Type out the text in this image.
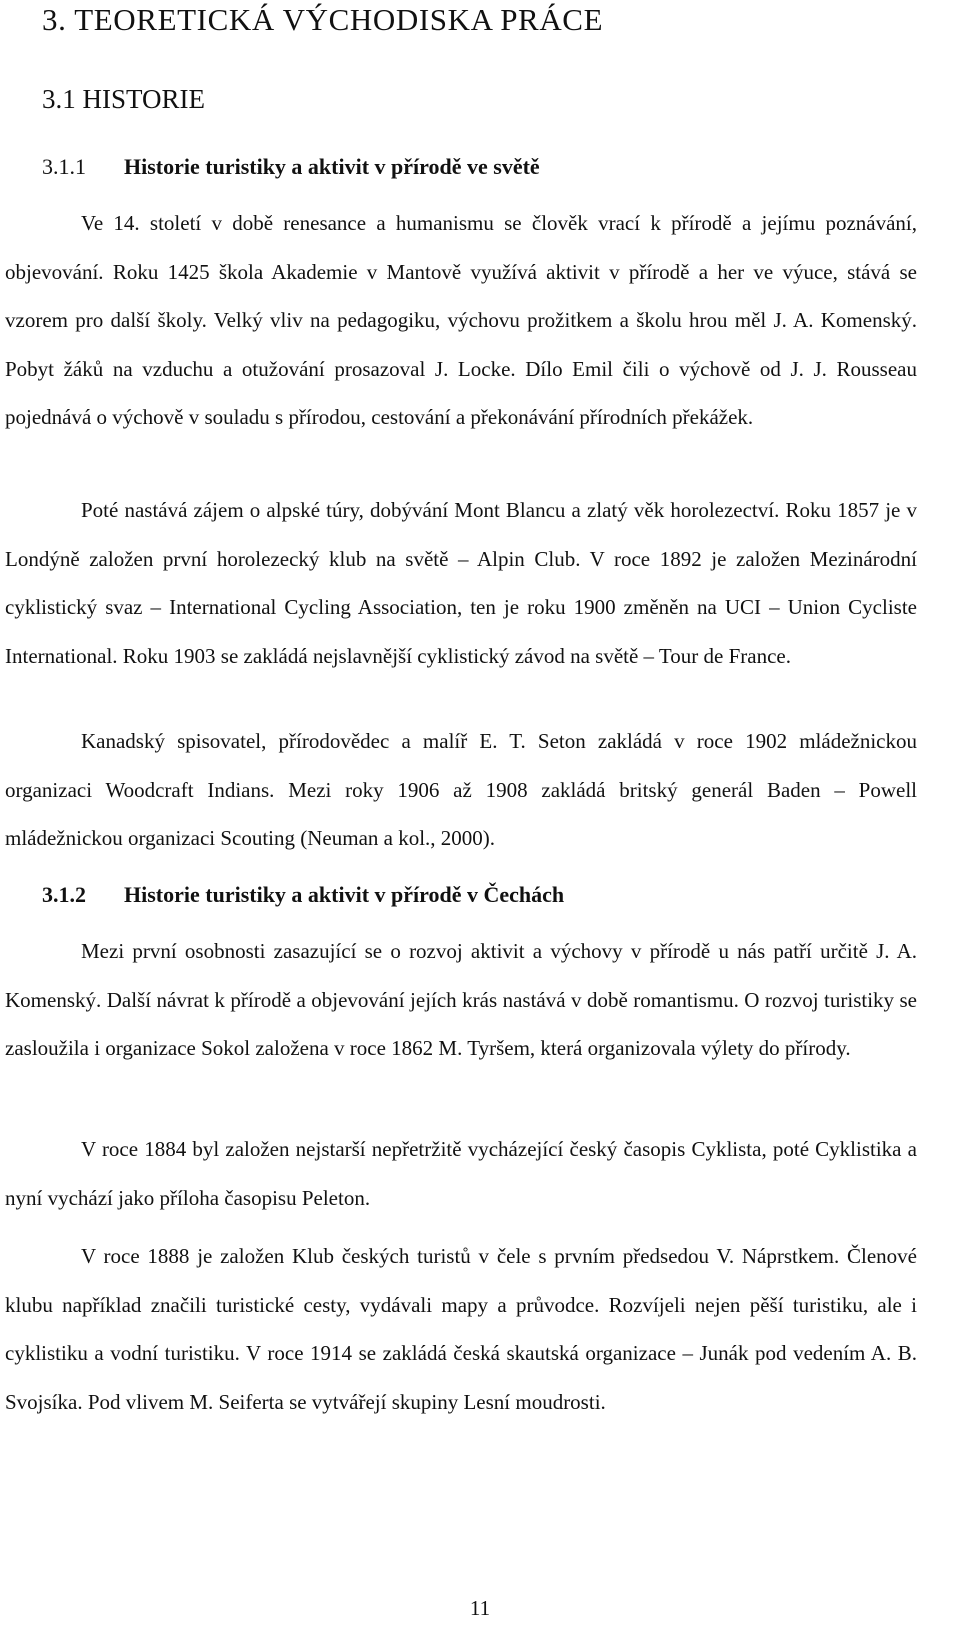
3. TEORETICKÁ VÝCHODISKA PRÁCE
3.1 HISTORIE
3.1.1 Historie turistiky a aktivit v přírodě ve světě

Ve 14. století v době renesance a humanismu se člověk vrací k přírodě a jejímu poznávání, objevování. Roku 1425 škola Akademie v Mantově využívá aktivit v přírodě a her ve výuce, stává se vzorem pro další školy. Velký vliv na pedagogiku, výchovu prožitkem a školu hrou měl J. A. Komenský. Pobyt žáků na vzduchu a otužování prosazoval J. Locke. Dílo Emil čili o výchově od J. J. Rousseau pojednává o výchově v souladu s přírodou, cestování a překonávání přírodních překážek.

Poté nastává zájem o alpské túry, dobývání Mont Blancu a zlatý věk horolezectví. Roku 1857 je v Londýně založen první horolezecký klub na světě – Alpin Club. V roce 1892 je založen Mezinárodní cyklistický svaz – International Cycling Association, ten je roku 1900 změněn na UCI – Union Cycliste International. Roku 1903 se zakládá nejslavnější cyklistický závod na světě – Tour de France.

Kanadský spisovatel, přírodovědec a malíř E. T. Seton zakládá v roce 1902 mládežnickou organizaci Woodcraft Indians. Mezi roky 1906 až 1908 zakládá britský generál Baden – Powell mládežnickou organizaci Scouting (Neuman a kol., 2000).

3.1.2 Historie turistiky a aktivit v přírodě v Čechách

Mezi první osobnosti zasazující se o rozvoj aktivit a výchovy v přírodě u nás patří určitě J. A. Komenský. Další návrat k přírodě a objevování jejích krás nastává v době romantismu. O rozvoj turistiky se zasloužila i organizace Sokol založena v roce 1862 M. Tyršem, která organizovala výlety do přírody.

V roce 1884 byl založen nejstarší nepřetržitě vycházející český časopis Cyklista, poté Cyklistika a nyní vychází jako příloha časopisu Peleton.

V roce 1888 je založen Klub českých turistů v čele s prvním předsedou V. Náprstkem. Členové klubu například značili turistické cesty, vydávali mapy a průvodce. Rozvíjeli nejen pěší turistiku, ale i cyklistiku a vodní turistiku. V roce 1914 se zakládá česká skautská organizace – Junák pod vedením A. B. Svojsíka. Pod vlivem M. Seiferta se vytvářejí skupiny Lesní moudrosti.

11
